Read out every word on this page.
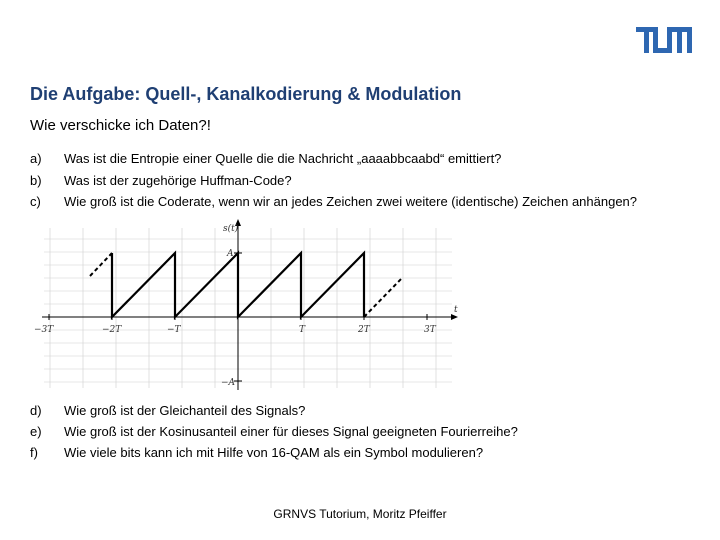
Die Aufgabe: Quell-, Kanalkodierung & Modulation
Wie verschicke ich Daten?!
a) Was ist die Entropie einer Quelle die die Nachricht „aaaabbcaabd“ emittiert?
b) Was ist der zugehörige Huffman-Code?
c) Wie groß ist die Coderate, wenn wir an jedes Zeichen zwei weitere (identische) Zeichen anhängen?
s(t)
t
A
−A
−3T	−2T	−T	T	2T	3T
d) Wie groß ist der Gleichanteil des Signals?
e) Wie groß ist der Kosinusanteil einer für dieses Signal geeigneten Fourierreihe?
f) Wie viele bits kann ich mit Hilfe von 16-QAM als ein Symbol modulieren?
GRNVS Tutorium, Moritz Pfeiffer
